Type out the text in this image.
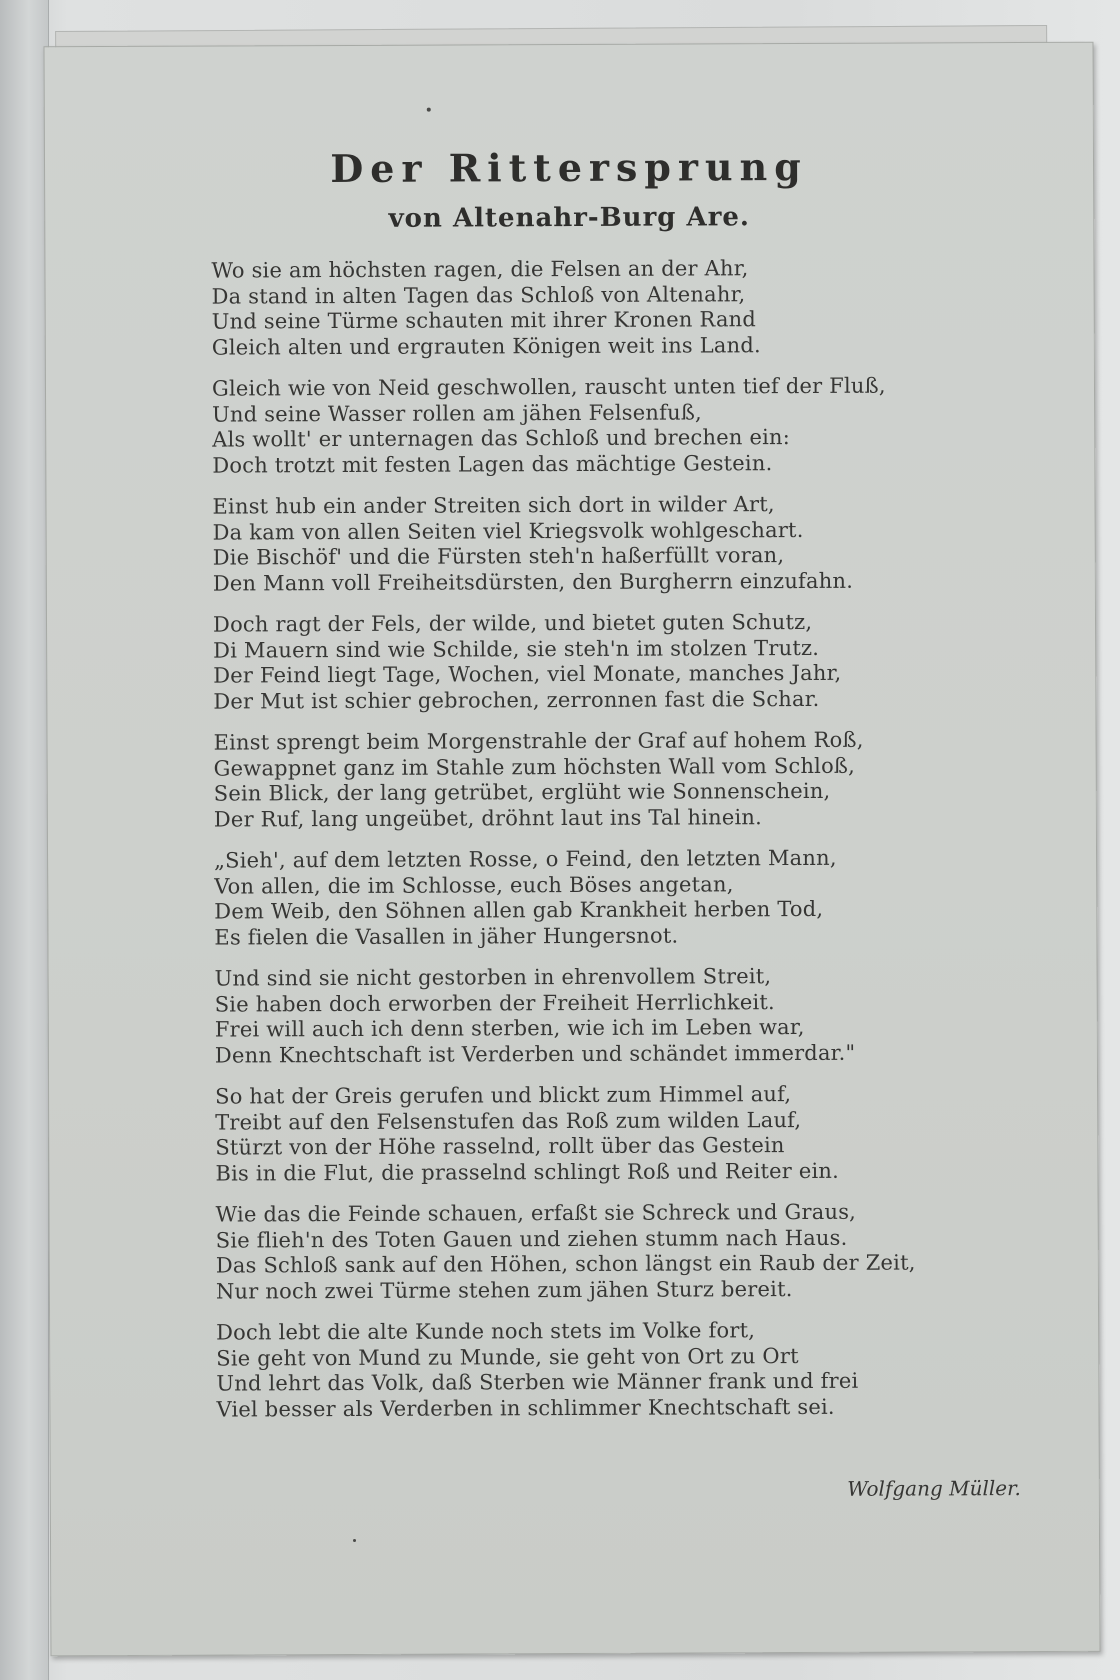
Der Rittersprung
von Altenahr-Burg Are.
Wo sie am höchsten ragen, die Felsen an der Ahr,
Da stand in alten Tagen das Schloß von Altenahr,
Und seine Türme schauten mit ihrer Kronen Rand
Gleich alten und ergrauten Königen weit ins Land.
Gleich wie von Neid geschwollen, rauscht unten tief der Fluß,
Und seine Wasser rollen am jähen Felsenfuß,
Als wollt' er unternagen das Schloß und brechen ein:
Doch trotzt mit festen Lagen das mächtige Gestein.
Einst hub ein ander Streiten sich dort in wilder Art,
Da kam von allen Seiten viel Kriegsvolk wohlgeschart.
Die Bischöf' und die Fürsten steh'n haßerfüllt voran,
Den Mann voll Freiheitsdürsten, den Burgherrn einzufahn.
Doch ragt der Fels, der wilde, und bietet guten Schutz,
Di Mauern sind wie Schilde, sie steh'n im stolzen Trutz.
Der Feind liegt Tage, Wochen, viel Monate, manches Jahr,
Der Mut ist schier gebrochen, zerronnen fast die Schar.
Einst sprengt beim Morgenstrahle der Graf auf hohem Roß,
Gewappnet ganz im Stahle zum höchsten Wall vom Schloß,
Sein Blick, der lang getrübet, erglüht wie Sonnenschein,
Der Ruf, lang ungeübet, dröhnt laut ins Tal hinein.
„Sieh', auf dem letzten Rosse, o Feind, den letzten Mann,
Von allen, die im Schlosse, euch Böses angetan,
Dem Weib, den Söhnen allen gab Krankheit herben Tod,
Es fielen die Vasallen in jäher Hungersnot.
Und sind sie nicht gestorben in ehrenvollem Streit,
Sie haben doch erworben der Freiheit Herrlichkeit.
Frei will auch ich denn sterben, wie ich im Leben war,
Denn Knechtschaft ist Verderben und schändet immerdar."
So hat der Greis gerufen und blickt zum Himmel auf,
Treibt auf den Felsenstufen das Roß zum wilden Lauf,
Stürzt von der Höhe rasselnd, rollt über das Gestein
Bis in die Flut, die prasselnd schlingt Roß und Reiter ein.
Wie das die Feinde schauen, erfaßt sie Schreck und Graus,
Sie flieh'n des Toten Gauen und ziehen stumm nach Haus.
Das Schloß sank auf den Höhen, schon längst ein Raub der Zeit,
Nur noch zwei Türme stehen zum jähen Sturz bereit.
Doch lebt die alte Kunde noch stets im Volke fort,
Sie geht von Mund zu Munde, sie geht von Ort zu Ort
Und lehrt das Volk, daß Sterben wie Männer frank und frei
Viel besser als Verderben in schlimmer Knechtschaft sei.
Wolfgang Müller.
